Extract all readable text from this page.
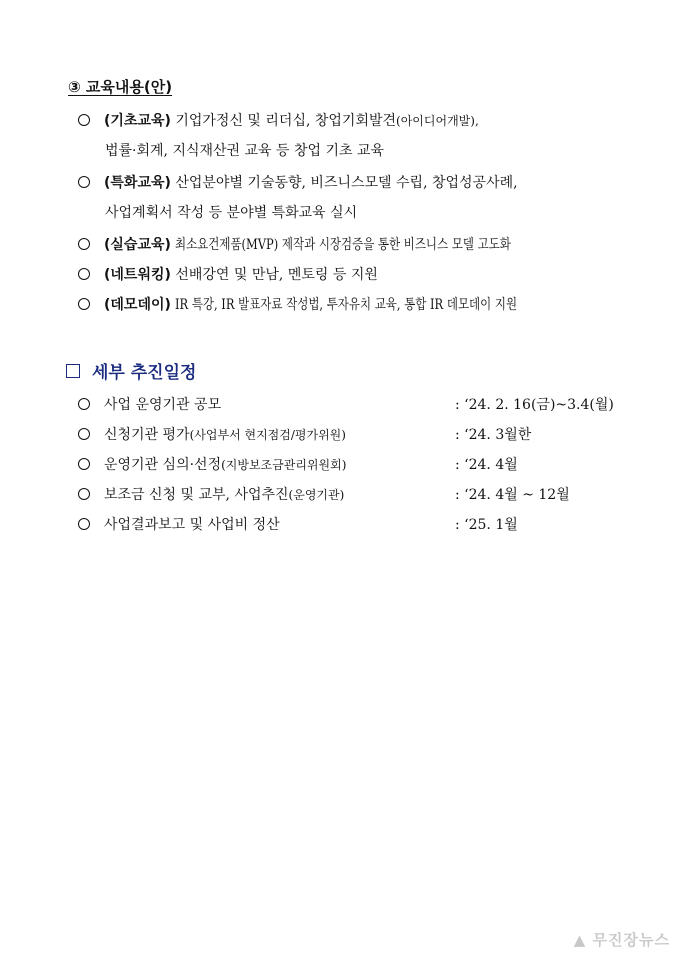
③ 교육내용(안)
(기초교육) 기업가정신 및 리더십, 창업기회발견(아이디어개발),
법률·회계, 지식재산권 교육 등 창업 기초 교육
(특화교육) 산업분야별 기술동향, 비즈니스모델 수립, 창업성공사례,
사업계획서 작성 등 분야별 특화교육 실시
(실습교육) 최소요건제품(MVP) 제작과 시장검증을 통한 비즈니스 모델 고도화
(네트워킹) 선배강연 및 만남, 멘토링 등 지원
(데모데이) IR 특강, IR 발표자료 작성법, 투자유치 교육, 통합 IR 데모데이 지원
세부 추진일정
사업 운영기관 공모	: ‘24. 2. 16(금)~3.4(월)
신청기관 평가(사업부서 현지점검/평가위원)	: ‘24. 3월한
운영기관 심의·선정(지방보조금관리위원회)	: ‘24. 4월
보조금 신청 및 교부, 사업추진(운영기관)	: ‘24. 4월 ~ 12월
사업결과보고 및 사업비 정산	: ‘25. 1월
▲ 무진장뉴스
